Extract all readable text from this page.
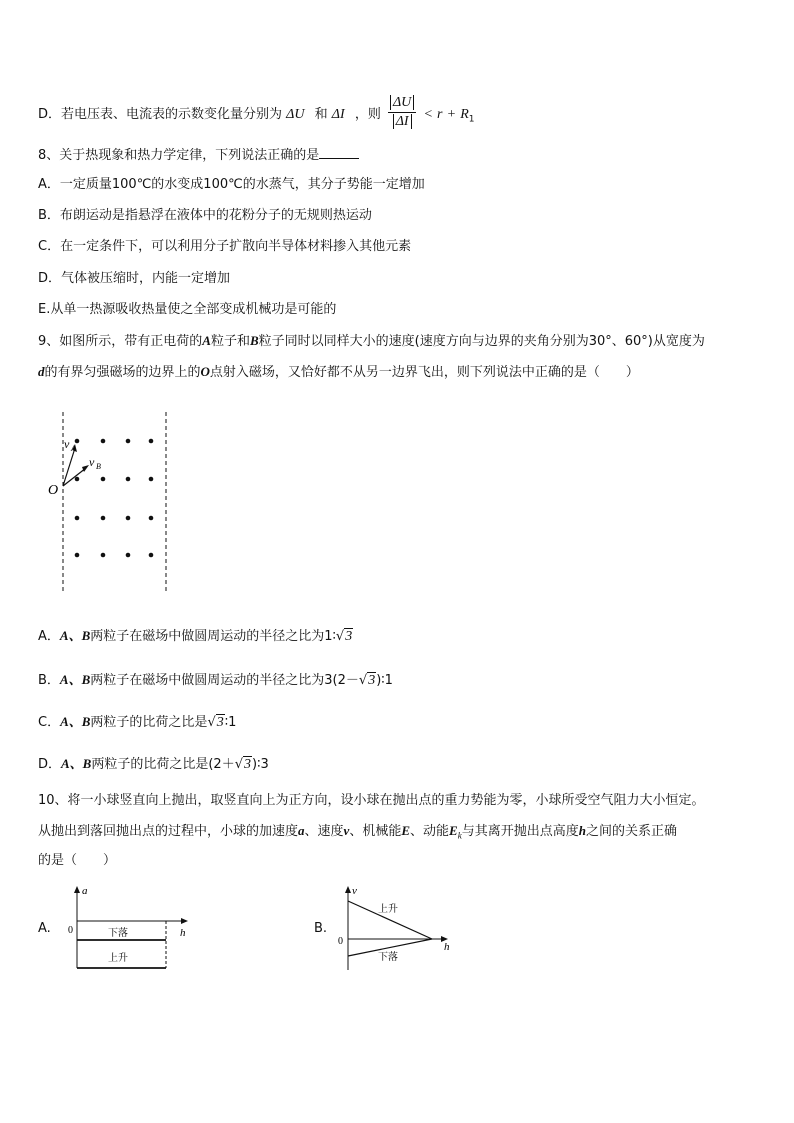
D．若电压表、电流表的示数变化量分别为 ΔU 和 ΔI ，则 $\frac{\Delta U}{\Delta I} < r + R_1$
8、关于热现象和热力学定律，下列说法正确的是
A．一定质量100℃的水变成100℃的水蒸气，其分子势能一定增加
B．布朗运动是指悬浮在液体中的花粉分子的无规则热运动
C．在一定条件下，可以利用分子扩散向半导体材料掺入其他元素
D．气体被压缩时，内能一定增加
E.从单一热源吸收热量使之全部变成机械功是可能的
9、如图所示，带有正电荷的A粒子和B粒子同时以同样大小的速度(速度方向与边界的夹角分别为30°、60°)从宽度为
d的有界匀强磁场的边界上的O点射入磁场，又恰好都不从另一边界飞出，则下列说法中正确的是（　　）
O
v A
v B
A．A、B两粒子在磁场中做圆周运动的半径之比为1∶√3
B．A、B两粒子在磁场中做圆周运动的半径之比为3(2－√3)∶1
C．A、B两粒子的比荷之比是√3∶1
D．A、B两粒子的比荷之比是(2＋√3)∶3
10、将一小球竖直向上抛出，取竖直向上为正方向，设小球在抛出点的重力势能为零，小球所受空气阻力大小恒定。
从抛出到落回抛出点的过程中，小球的加速度a、速度v、机械能E、动能$E_k$与其离开抛出点高度h之间的关系正确
的是（　　）
A.
a
0	h
下落
上升
B.
v
0	h
上升
下落
